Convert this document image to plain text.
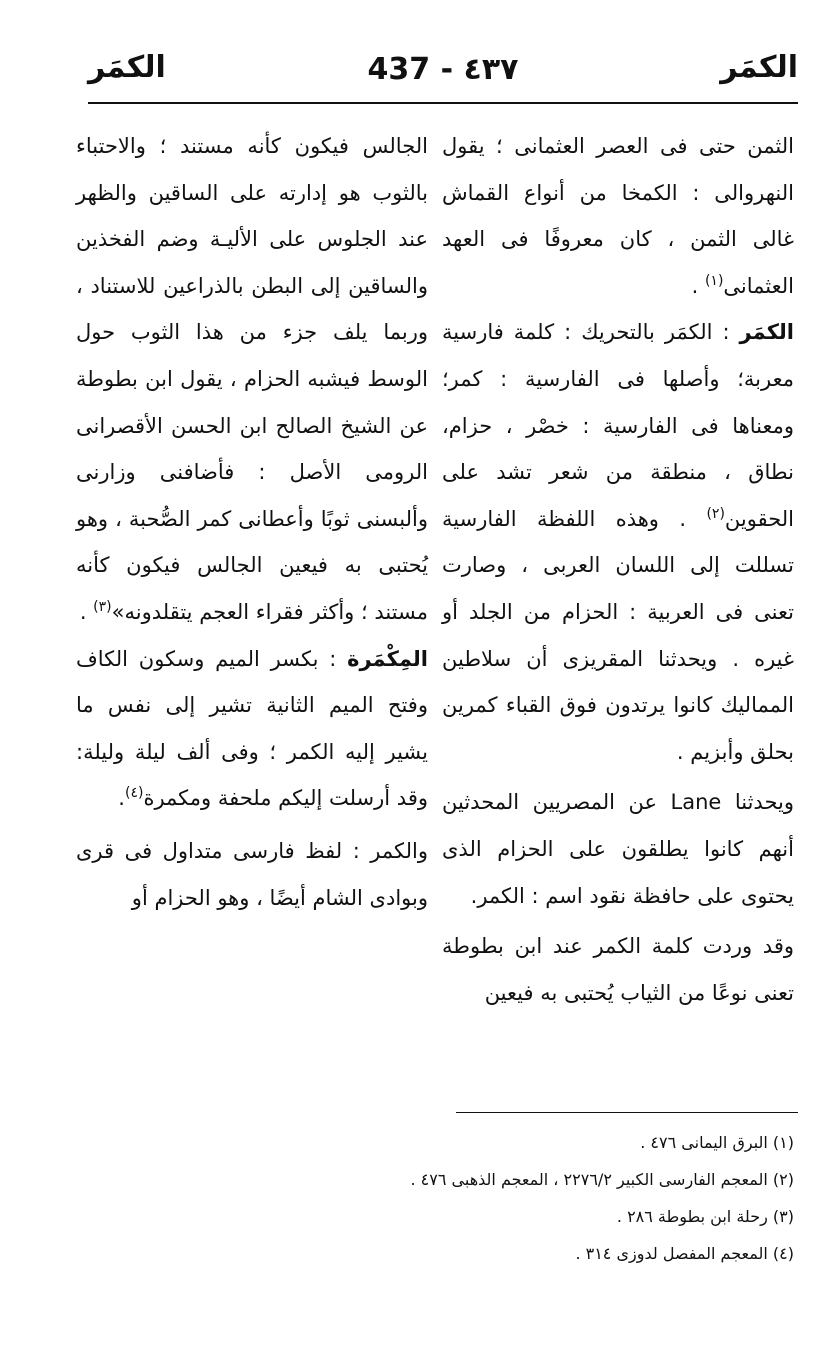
الكمَر
437 - ٤٣٧
الكمَر

الثمن حتى فى العصر العثمانى ؛ يقول النهروالى : الكمخا من أنواع القماش غالى الثمن ، كان معروفًا فى العهد العثمانى$^{(١)}$ .

الكمَر : الكمَر بالتحريك : كلمة فارسية معربة؛ وأصلها فى الفارسية : كمر؛ ومعناها فى الفارسية : خصْر ، حزام، نطاق ، منطقة من شعر تشد على الحقوين$^{(٢)}$ . وهذه اللفظة الفارسية تسللت إلى اللسان العربى ، وصارت تعنى فى العربية : الحزام من الجلد أو غيره . ويحدثنا المقريزى أن سلاطين المماليك كانوا يرتدون فوق القباء كمرين بحلق وأبزيم .

ويحدثنا Lane عن المصريين المحدثين أنهم كانوا يطلقون على الحزام الذى يحتوى على حافظة نقود اسم : الكمر.

وقد وردت كلمة الكمر عند ابن بطوطة تعنى نوعًا من الثياب يُحتبى به فيعين

الجالس فيكون كأنه مستند ؛ والاحتباء بالثوب هو إدارته على الساقين والظهر عند الجلوس على الأليـة وضم الفخذين والساقين إلى البطن بالذراعين للاستناد ، وربما يلف جزء من هذا الثوب حول الوسط فيشبه الحزام ، يقول ابن بطوطة عن الشيخ الصالح ابن الحسن الأقصرانى الرومى الأصل : فأضافنى وزارنى وألبسنى ثوبًا وأعطانى كمر الصُّحبة ، وهو يُحتبى به فيعين الجالس فيكون كأنه مستند ؛ وأكثر فقراء العجم يتقلدونه»$^{(٣)}$ .

المِكْمَرة : بكسر الميم وسكون الكاف وفتح الميم الثانية تشير إلى نفس ما يشير إليه الكمر ؛ وفى ألف ليلة وليلة: وقد أرسلت إليكم ملحفة ومكمرة$^{(٤)}$.

والكمر : لفظ فارسى متداول فى قرى وبوادى الشام أيضًا ، وهو الحزام أو

(١) البرق اليمانى ٤٧٦ .
(٢) المعجم الفارسى الكبير ٢٢٧٦/٢ ، المعجم الذهبى ٤٧٦ .
(٣) رحلة ابن بطوطة ٢٨٦ .
(٤) المعجم المفصل لدوزى ٣١٤ .
